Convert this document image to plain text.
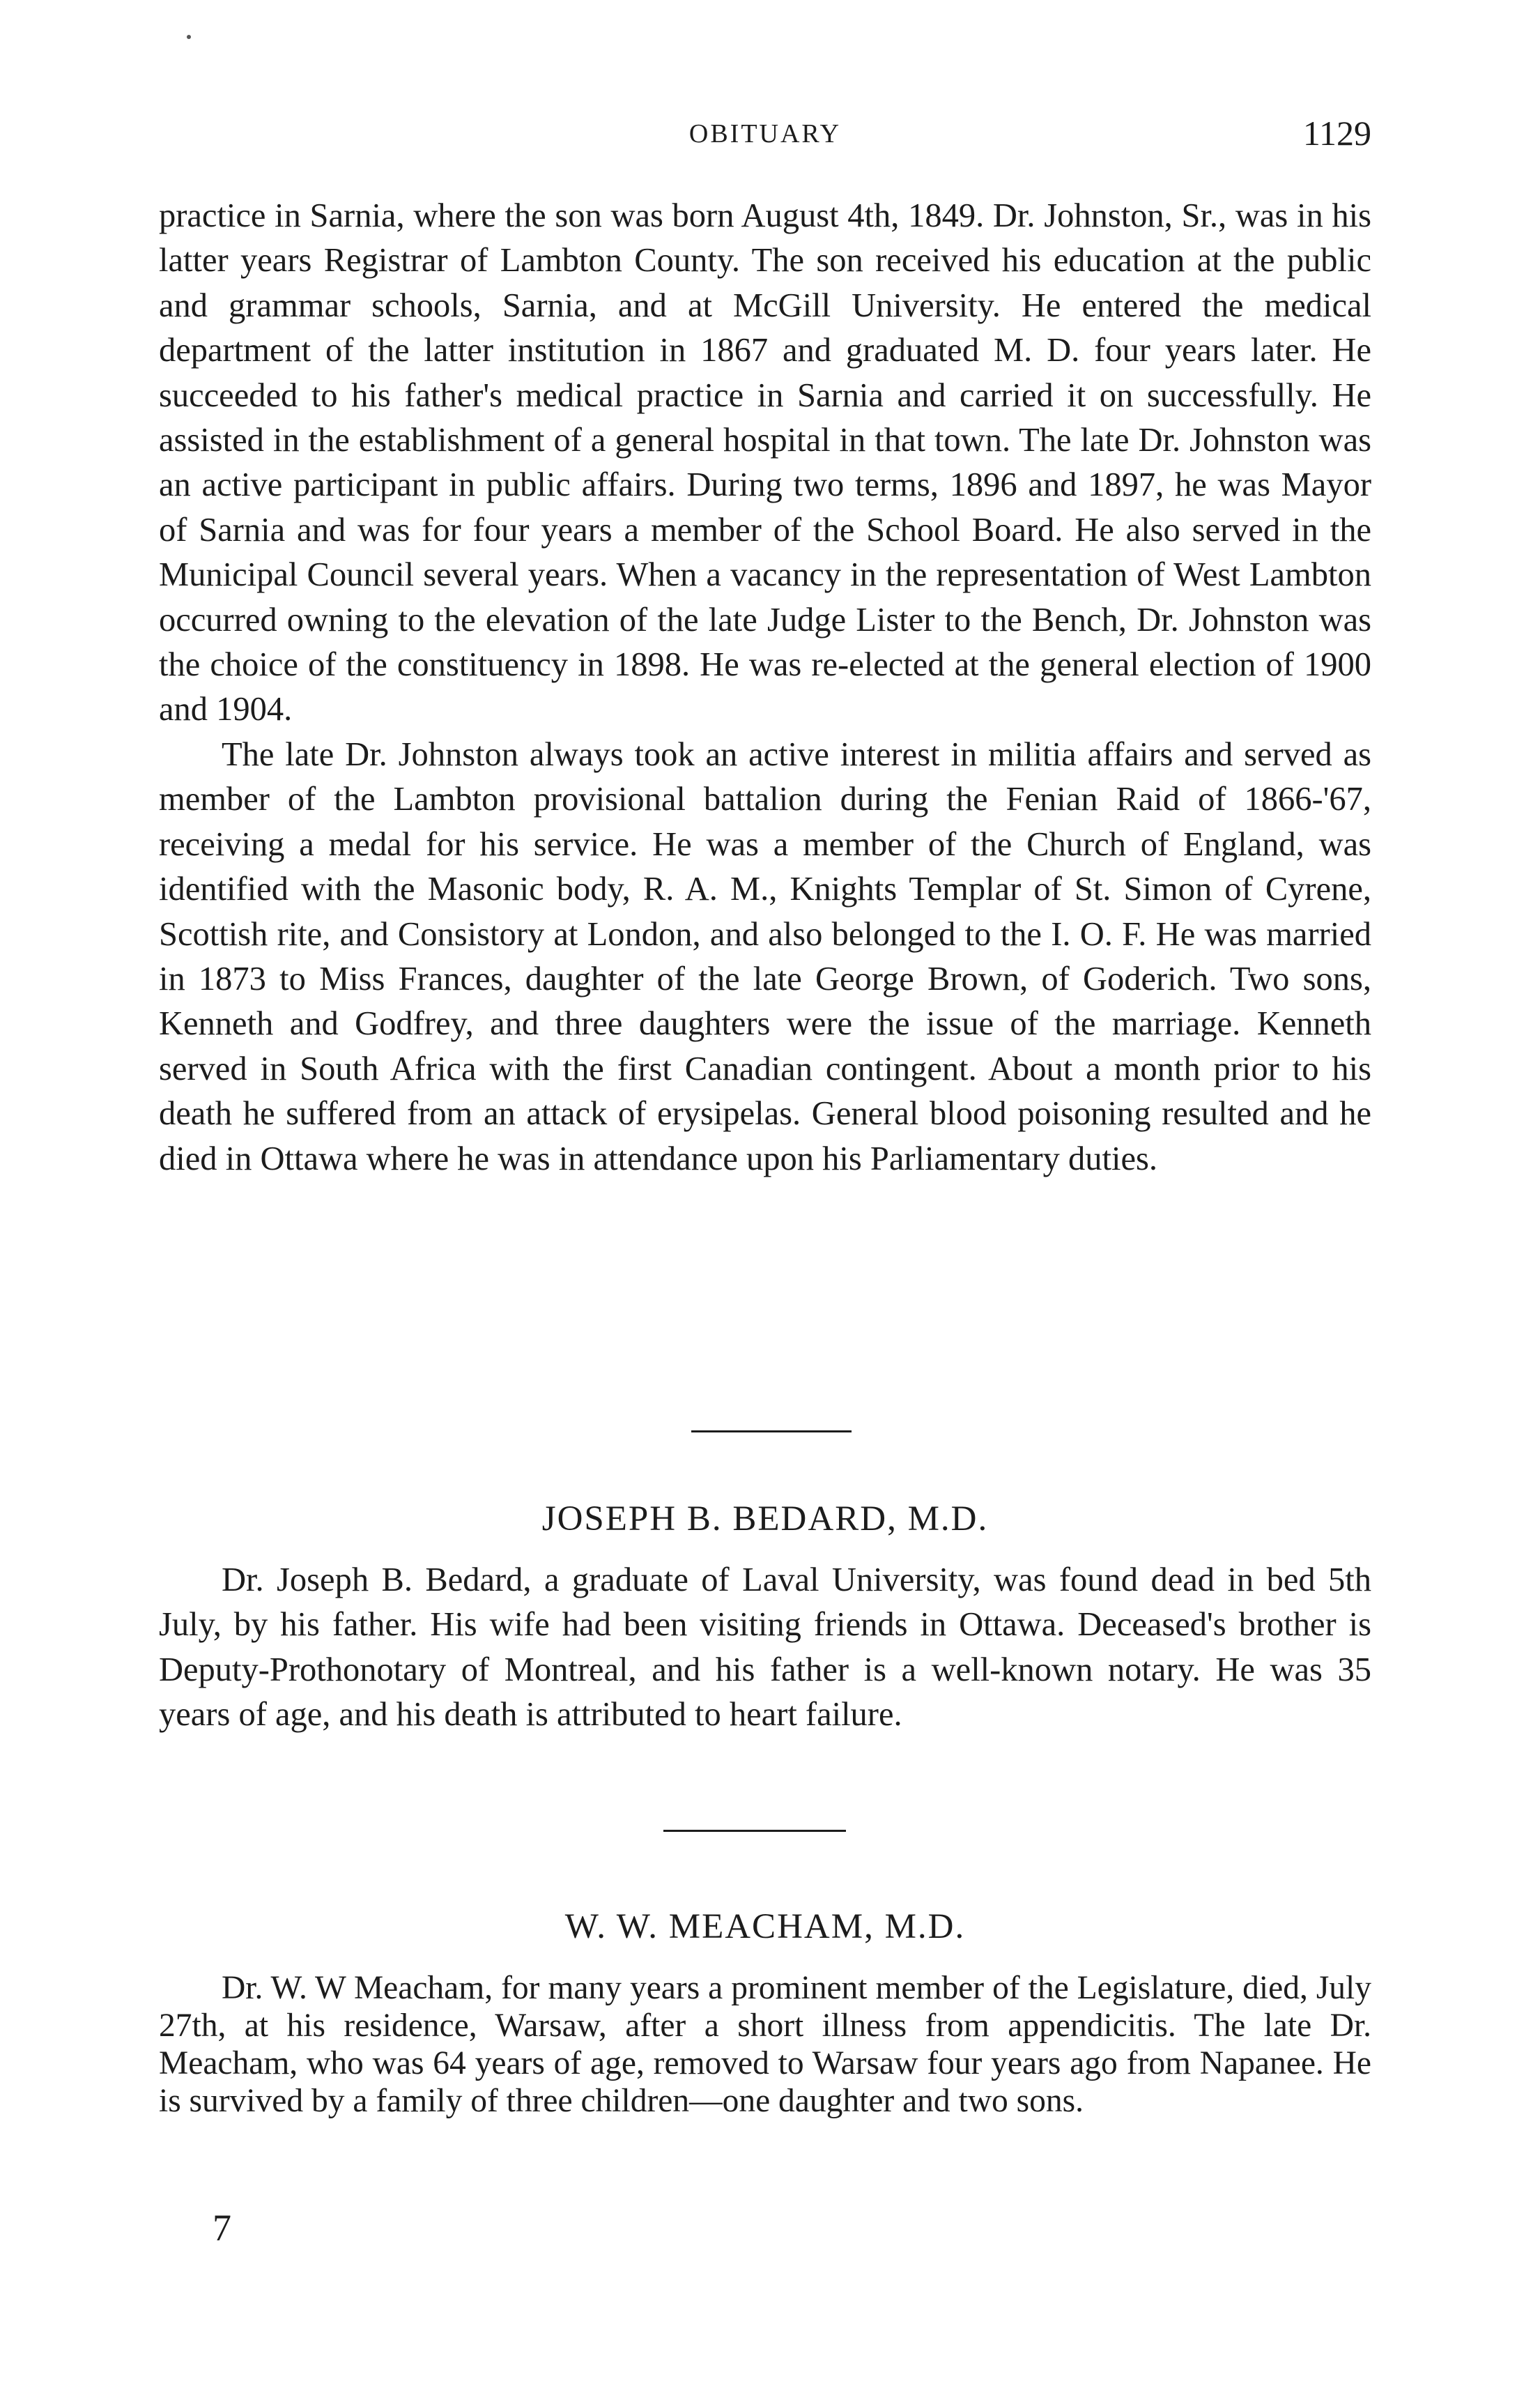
OBITUARY	1129

practice in Sarnia, where the son was born August 4th, 1849. Dr. Johnston, Sr., was in his latter years Registrar of Lambton County. The son received his education at the public and grammar schools, Sarnia, and at McGill University. He entered the medical department of the latter institution in 1867 and graduated M. D. four years later. He succeeded to his father's medical practice in Sarnia and carried it on successfully. He assisted in the establishment of a general hospital in that town. The late Dr. Johnston was an active participant in public affairs. During two terms, 1896 and 1897, he was Mayor of Sarnia and was for four years a member of the School Board. He also served in the Municipal Council several years. When a vacancy in the representation of West Lambton occurred owning to the elevation of the late Judge Lister to the Bench, Dr. Johnston was the choice of the constituency in 1898. He was re-elected at the general election of 1900 and 1904.

The late Dr. Johnston always took an active interest in militia affairs and served as member of the Lambton provisional battalion during the Fenian Raid of 1866-'67, receiving a medal for his service. He was a member of the Church of England, was identified with the Masonic body, R. A. M., Knights Templar of St. Simon of Cyrene, Scottish rite, and Consistory at London, and also belonged to the I. O. F. He was married in 1873 to Miss Frances, daughter of the late George Brown, of Goderich. Two sons, Kenneth and Godfrey, and three daughters were the issue of the marriage. Kenneth served in South Africa with the first Canadian contingent. About a month prior to his death he suffered from an attack of erysipelas. General blood poisoning resulted and he died in Ottawa where he was in attendance upon his Parliamentary duties.

JOSEPH B. BEDARD, M.D.

Dr. Joseph B. Bedard, a graduate of Laval University, was found dead in bed 5th July, by his father. His wife had been visiting friends in Ottawa. Deceased's brother is Deputy-Prothonotary of Montreal, and his father is a well-known notary. He was 35 years of age, and his death is attributed to heart failure.

W. W. MEACHAM, M.D.

Dr. W. W Meacham, for many years a prominent member of the Legislature, died, July 27th, at his residence, Warsaw, after a short illness from appendicitis. The late Dr. Meacham, who was 64 years of age, removed to Warsaw four years ago from Napanee. He is survived by a family of three children—one daughter and two sons.

7
